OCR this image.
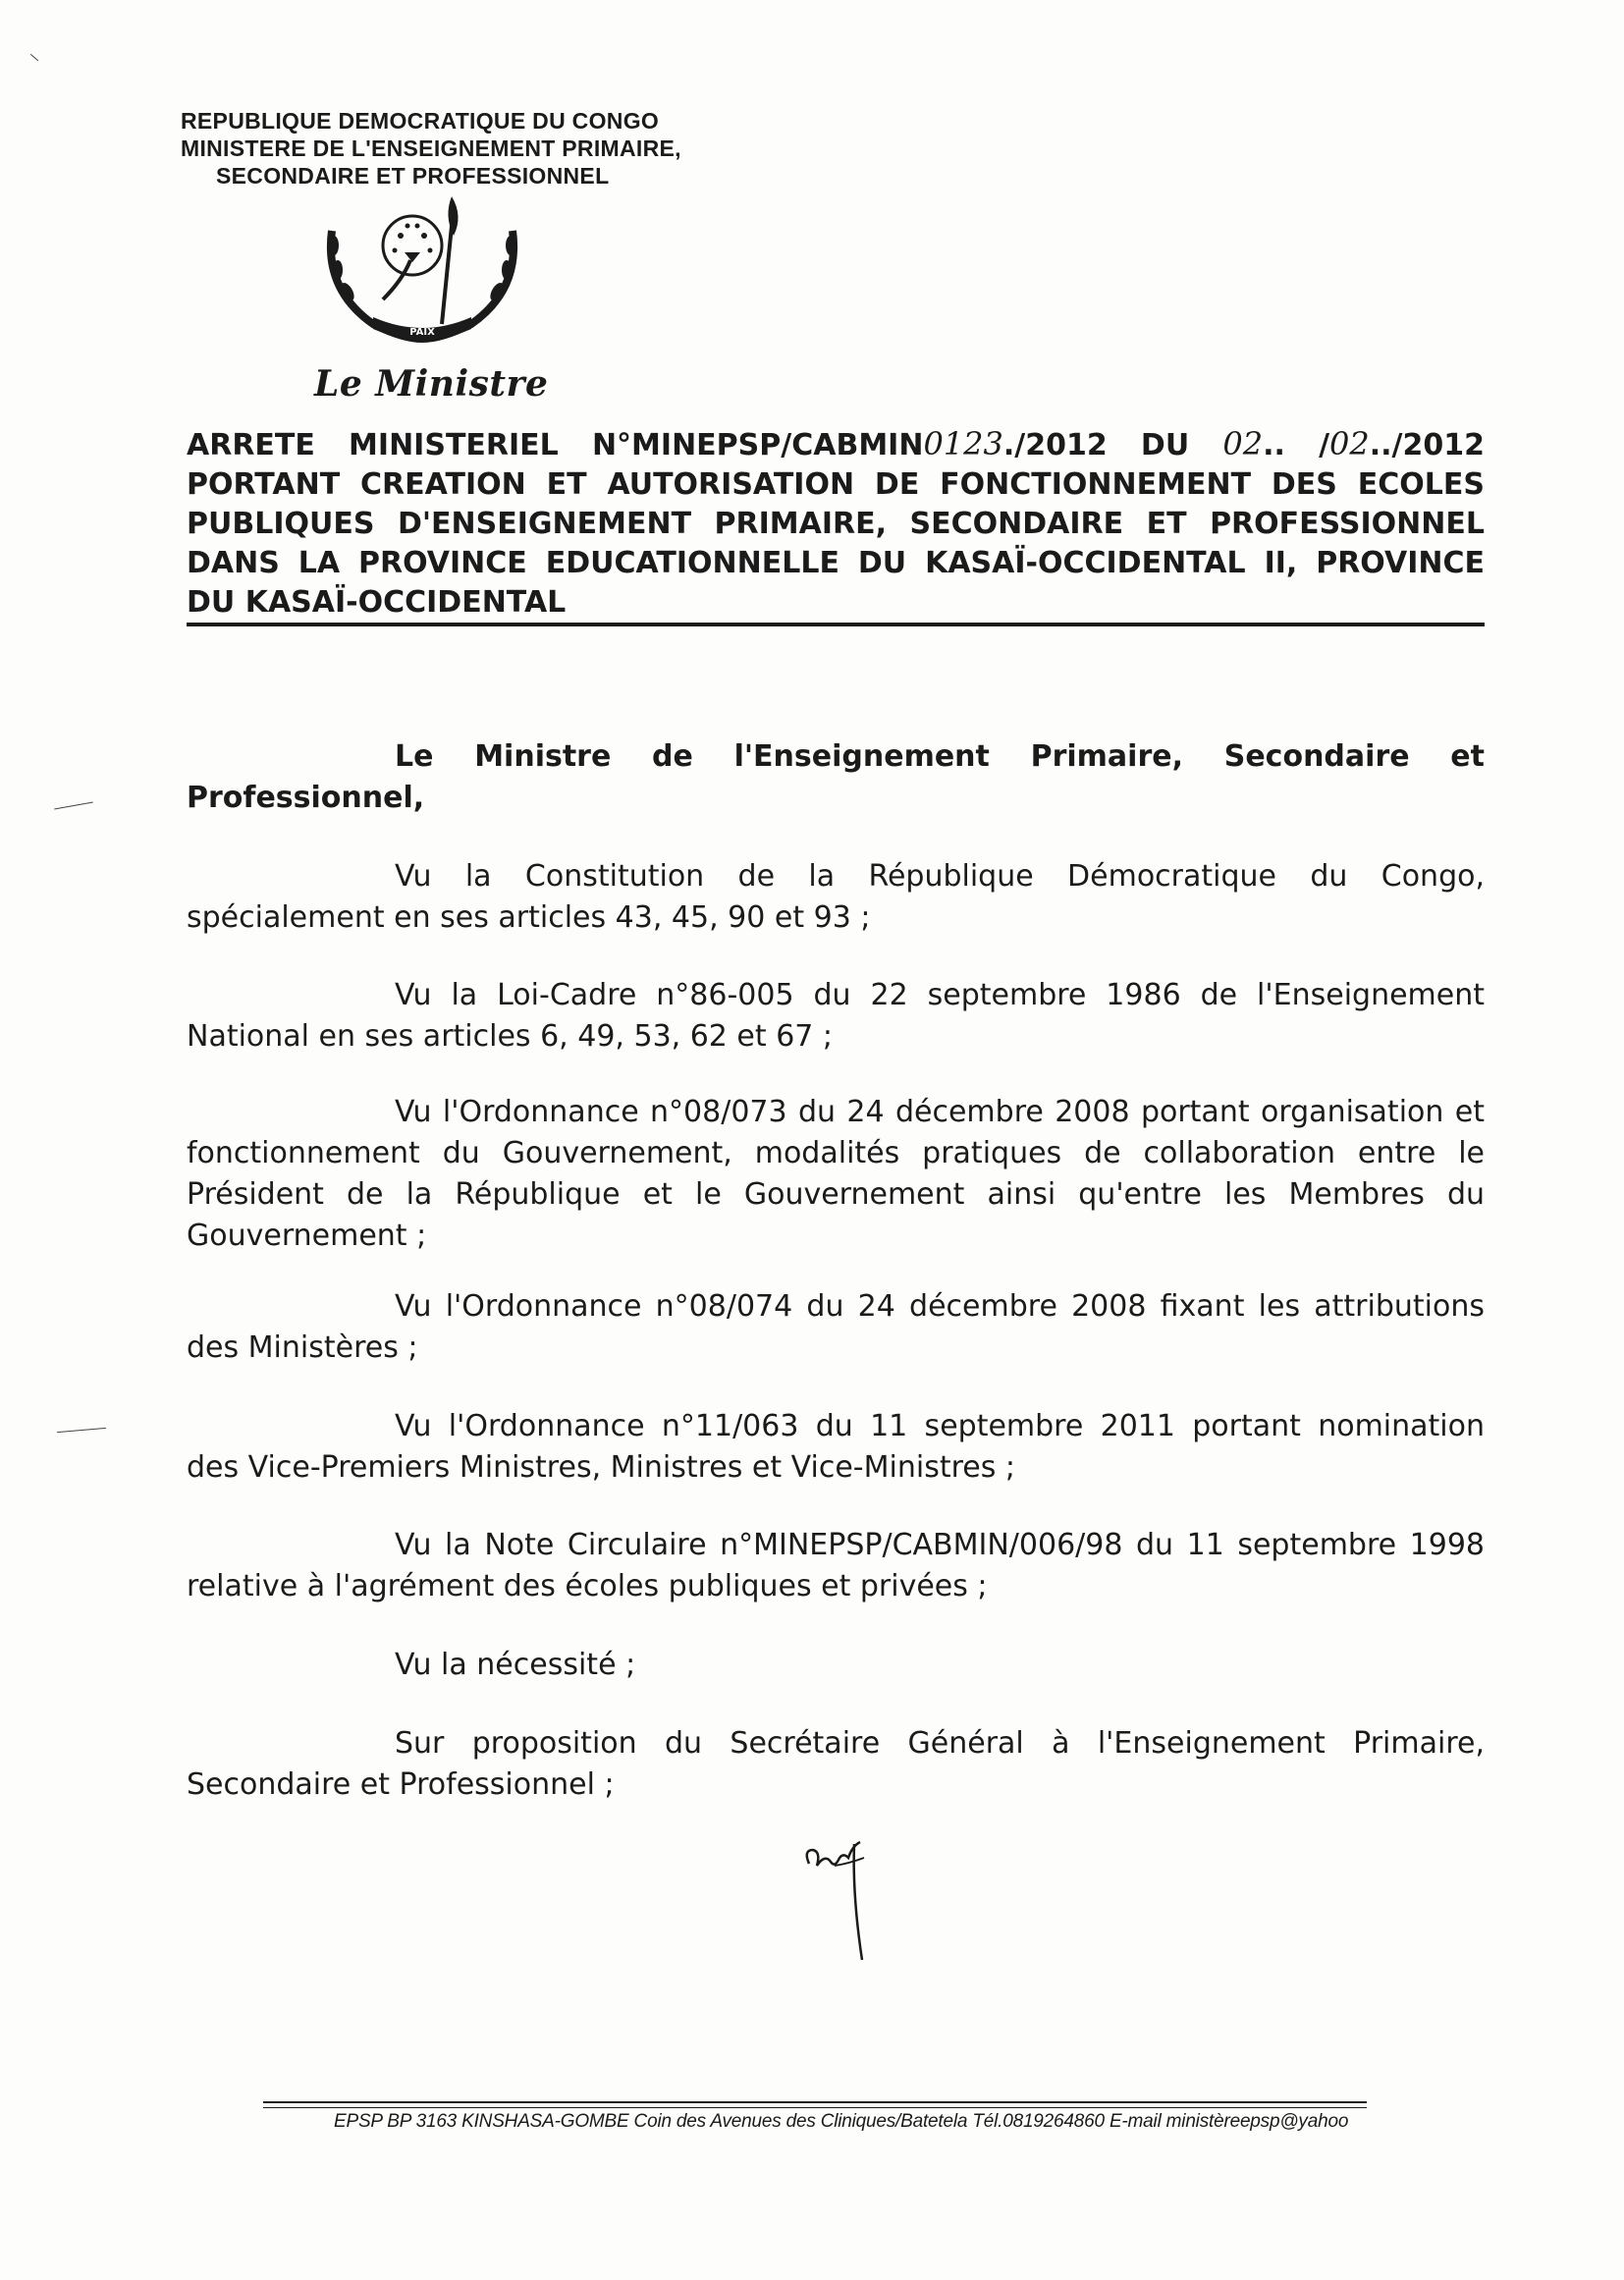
REPUBLIQUE DEMOCRATIQUE DU CONGO
MINISTERE DE L'ENSEIGNEMENT PRIMAIRE,
SECONDAIRE ET PROFESSIONNEL
PAIX
Le Ministre
ARRETE MINISTERIEL N°MINEPSP/CABMIN0123./2012 DU 02.. /02../2012
PORTANT CREATION ET AUTORISATION DE FONCTIONNEMENT DES ECOLES
PUBLIQUES D'ENSEIGNEMENT PRIMAIRE, SECONDAIRE ET PROFESSIONNEL
DANS LA PROVINCE EDUCATIONNELLE DU KASAÏ-OCCIDENTAL II, PROVINCE
DU KASAÏ-OCCIDENTAL

Le Ministre de l'Enseignement Primaire, Secondaire et Professionnel,

Vu la Constitution de la République Démocratique du Congo, spécialement en ses articles 43, 45, 90 et 93 ;

Vu la Loi-Cadre n°86-005 du 22 septembre 1986 de l'Enseignement National en ses articles 6, 49, 53, 62 et 67 ;

Vu l'Ordonnance n°08/073 du 24 décembre 2008 portant organisation et fonctionnement du Gouvernement, modalités pratiques de collaboration entre le Président de la République et le Gouvernement ainsi qu'entre les Membres du Gouvernement ;

Vu l'Ordonnance n°08/074 du 24 décembre 2008 fixant les attributions des Ministères ;

Vu l'Ordonnance n°11/063 du 11 septembre 2011 portant nomination des Vice-Premiers Ministres, Ministres et Vice-Ministres ;

Vu la Note Circulaire n°MINEPSP/CABMIN/006/98 du 11 septembre 1998 relative à l'agrément des écoles publiques et privées ;

Vu la nécessité ;

Sur proposition du Secrétaire Général à l'Enseignement Primaire, Secondaire et Professionnel ;

EPSP BP 3163 KINSHASA-GOMBE Coin des Avenues des Cliniques/Batetela Tél.0819264860 E-mail ministèreepsp@yahoo
